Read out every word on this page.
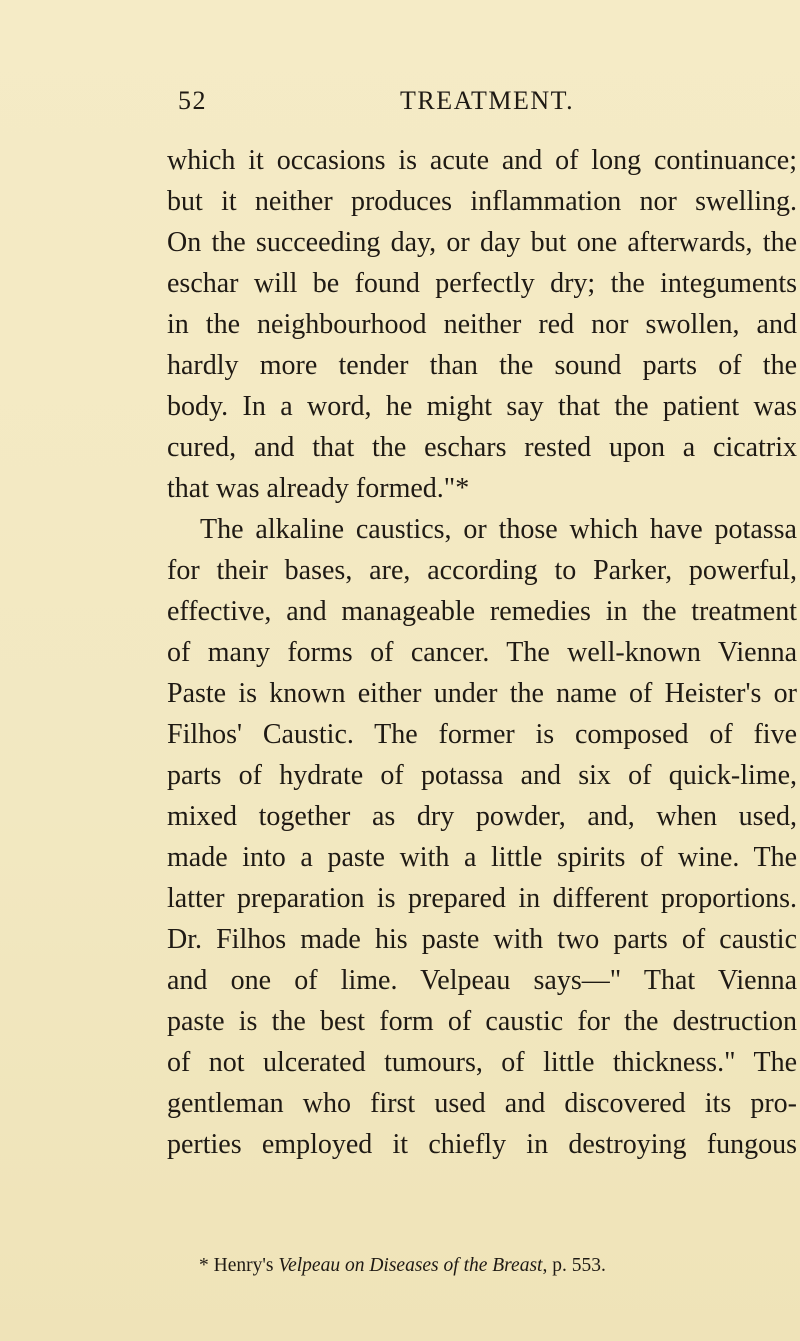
52	TREATMENT.
which it occasions is acute and of long continuance;
but it neither produces inflammation nor swelling.
On the succeeding day, or day but one afterwards, the
eschar will be found perfectly dry; the integuments
in the neighbourhood neither red nor swollen, and
hardly more tender than the sound parts of the
body. In a word, he might say that the patient was
cured, and that the eschars rested upon a cicatrix
that was already formed."*
The alkaline caustics, or those which have potassa
for their bases, are, according to Parker, powerful,
effective, and manageable remedies in the treatment
of many forms of cancer. The well-known Vienna
Paste is known either under the name of Heister's or
Filhos' Caustic. The former is composed of five
parts of hydrate of potassa and six of quick-lime,
mixed together as dry powder, and, when used,
made into a paste with a little spirits of wine. The
latter preparation is prepared in different proportions.
Dr. Filhos made his paste with two parts of caustic
and one of lime. Velpeau says—" That Vienna
paste is the best form of caustic for the destruction
of not ulcerated tumours, of little thickness." The
gentleman who first used and discovered its pro-
perties employed it chiefly in destroying fungous
* Henry's Velpeau on Diseases of the Breast, p. 553.
